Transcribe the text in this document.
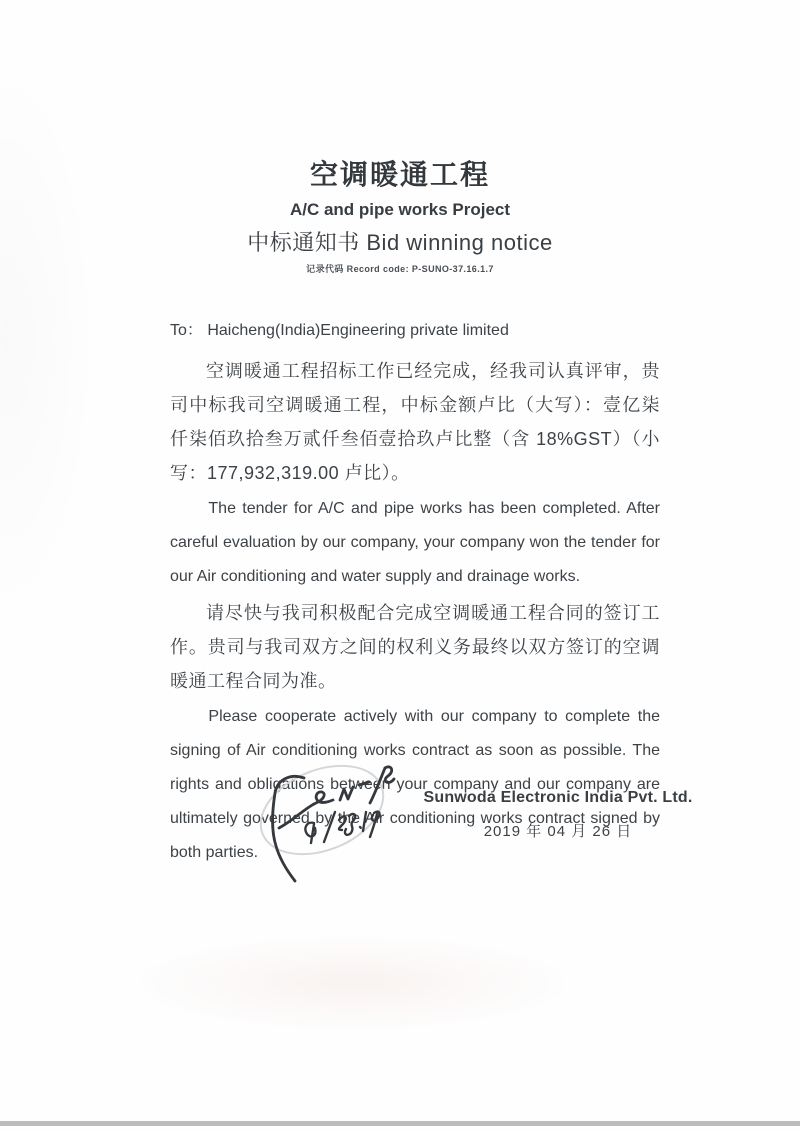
空调暖通工程
A/C and pipe works Project
中标通知书 Bid winning notice
记录代码 Record code: P-SUNO-37.16.1.7
To： Haicheng(India)Engineering private limited

空调暖通工程招标工作已经完成，经我司认真评审，贵司中标我司空调暖通工程，中标金额卢比（大写）：壹亿柒仟柒佰玖拾叁万贰仟叁佰壹拾玖卢比整（含 18%GST）（小写：177,932,319.00 卢比）。

The tender for A/C and pipe works has been completed. After careful evaluation by our company, your company won the tender for our Air conditioning and water supply and drainage works.

请尽快与我司积极配合完成空调暖通工程合同的签订工作。贵司与我司双方之间的权利义务最终以双方签订的空调暖通工程合同为准。

Please cooperate actively with our company to complete the signing of Air conditioning works contract as soon as possible. The rights and obligations between your company and our company are ultimately governed by the Air conditioning works contract signed by both parties.

Sunwoda Electronic India Pvt. Ltd.
2019 年 04 月 26 日
